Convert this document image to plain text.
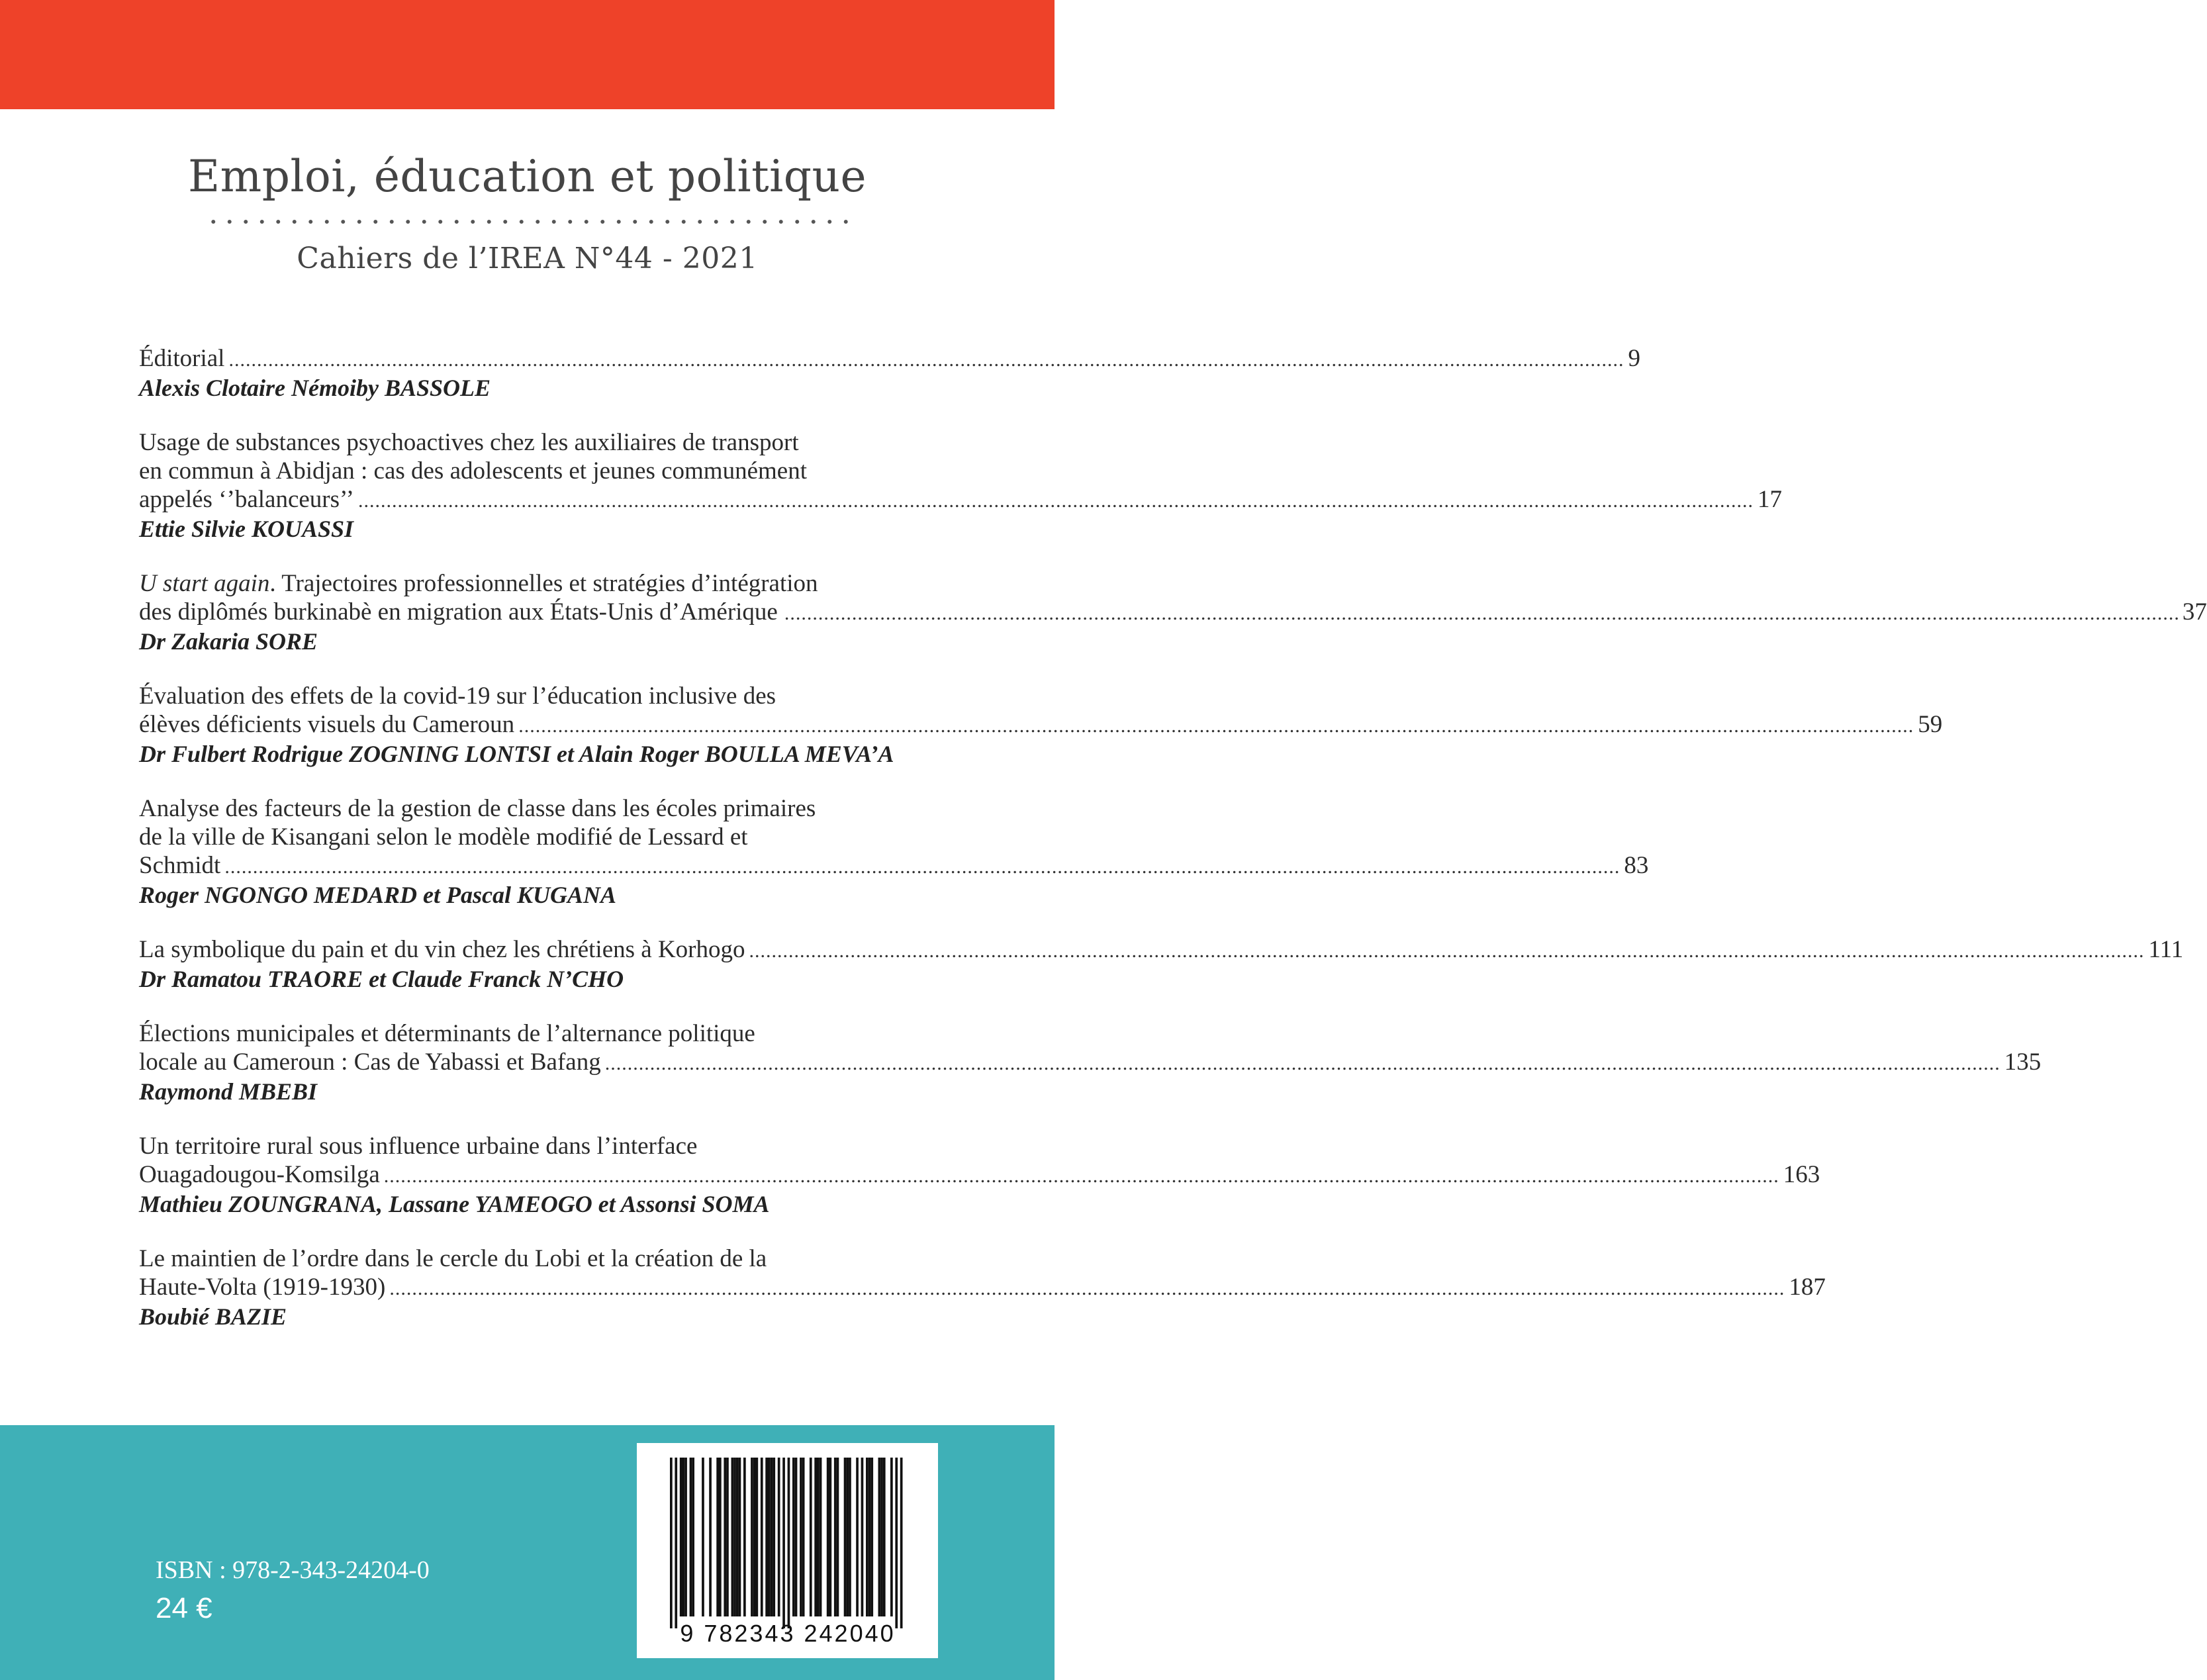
Emploi, éducation et politique
Cahiers de l’IREA N°44 - 2021
Éditorial .....	9
Alexis Clotaire Némoiby BASSOLE
Usage de substances psychoactives chez les auxiliaires de transport
en commun à Abidjan : cas des adolescents et jeunes communément
appelés ‘’balanceurs’’ .....	17
Ettie Silvie KOUASSI
U start again. Trajectoires professionnelles et stratégies d’intégration
des diplômés burkinabè en migration aux États-Unis d’Amérique .....	37
Dr Zakaria SORE
Évaluation des effets de la covid-19 sur l’éducation inclusive des
élèves déficients visuels du Cameroun .....	59
Dr Fulbert Rodrigue ZOGNING LONTSI et Alain Roger BOULLA MEVA’A
Analyse des facteurs de la gestion de classe dans les écoles primaires
de la ville de Kisangani selon le modèle modifié de Lessard et
Schmidt .....	83
Roger NGONGO MEDARD et Pascal KUGANA
La symbolique du pain et du vin chez les chrétiens à Korhogo .....	111
Dr Ramatou TRAORE et Claude Franck N’CHO
Élections municipales et déterminants de l’alternance politique
locale au Cameroun : Cas de Yabassi et Bafang .....	135
Raymond MBEBI
Un territoire rural sous influence urbaine dans l’interface
Ouagadougou-Komsilga .....	163
Mathieu ZOUNGRANA, Lassane YAMEOGO et Assonsi SOMA
Le maintien de l’ordre dans le cercle du Lobi et la création de la
Haute-Volta (1919-1930) .....	187
Boubié BAZIE
9 782343 242040
ISBN : 978-2-343-24204-0
24 €
